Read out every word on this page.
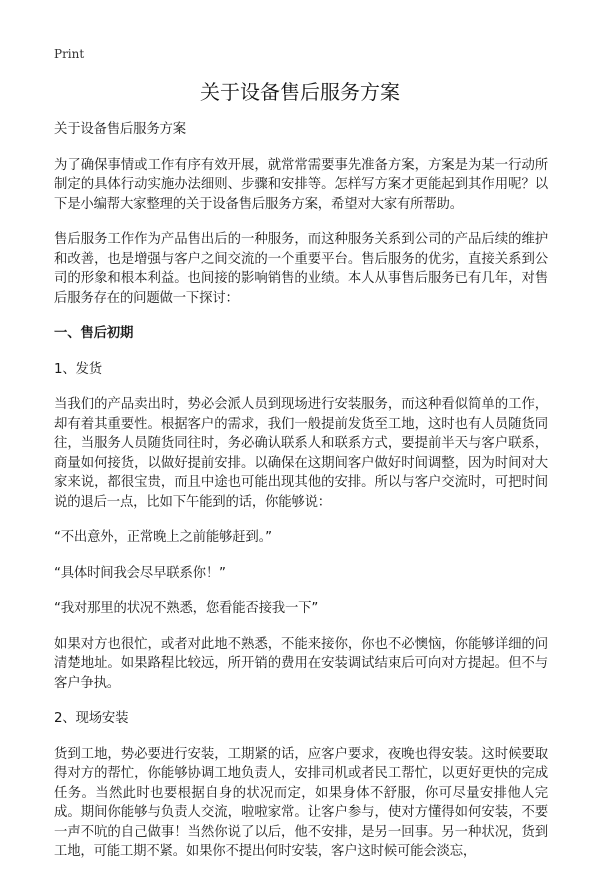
Print
关于设备售后服务方案

关于设备售后服务方案

为了确保事情或工作有序有效开展，就常常需要事先准备方案，方案是为某一行动所制定的具体行动实施办法细则、步骤和安排等。怎样写方案才更能起到其作用呢？以下是小编帮大家整理的关于设备售后服务方案，希望对大家有所帮助。

售后服务工作作为产品售出后的一种服务，而这种服务关系到公司的产品后续的维护和改善，也是增强与客户之间交流的一个重要平台。售后服务的优劣，直接关系到公司的形象和根本利益。也间接的影响销售的业绩。本人从事售后服务已有几年，对售后服务存在的问题做一下探讨：

一、售后初期

1、发货

当我们的产品卖出时，势必会派人员到现场进行安装服务，而这种看似简单的工作，却有着其重要性。根据客户的需求，我们一般提前发货至工地，这时也有人员随货同往，当服务人员随货同往时，务必确认联系人和联系方式，要提前半天与客户联系，商量如何接货，以做好提前安排。以确保在这期间客户做好时间调整，因为时间对大家来说，都很宝贵，而且中途也可能出现其他的安排。所以与客户交流时，可把时间说的退后一点，比如下午能到的话，你能够说：

“不出意外，正常晚上之前能够赶到。”

“具体时间我会尽早联系你！”

“我对那里的状况不熟悉，您看能否接我一下”

如果对方也很忙，或者对此地不熟悉，不能来接你，你也不必懊恼，你能够详细的问清楚地址。如果路程比较远，所开销的费用在安装调试结束后可向对方提起。但不与客户争执。

2、现场安装

货到工地，势必要进行安装，工期紧的话，应客户要求，夜晚也得安装。这时候要取得对方的帮忙，你能够协调工地负责人，安排司机或者民工帮忙，以更好更快的完成任务。当然此时也要根据自身的状况而定，如果身体不舒服，你可尽量安排他人完成。期间你能够与负责人交流，啦啦家常。让客户参与，使对方懂得如何安装，不要一声不吭的自己做事！当然你说了以后，他不安排，是另一回事。另一种状况，货到工地，可能工期不紧。如果你不提出何时安装，客户这时候可能会淡忘，
